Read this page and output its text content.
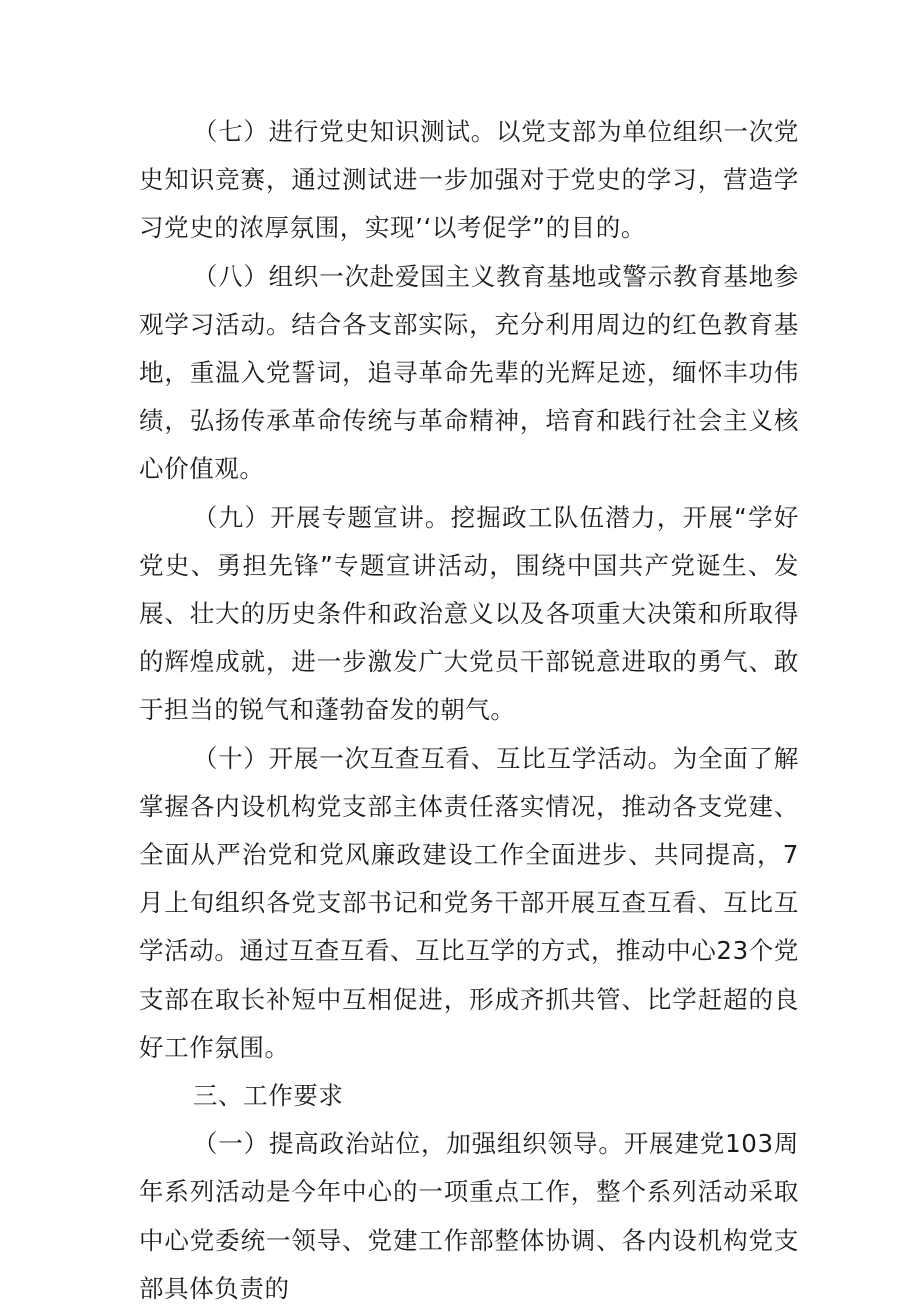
（七）进行党史知识测试。以党支部为单位组织一次党史知识竞赛，通过测试进一步加强对于党史的学习，营造学习党史的浓厚氛围，实现’‘以考促学”的目的。

（八）组织一次赴爱国主义教育基地或警示教育基地参观学习活动。结合各支部实际，充分利用周边的红色教育基地，重温入党誓词，追寻革命先辈的光辉足迹，缅怀丰功伟绩，弘扬传承革命传统与革命精神，培育和践行社会主义核心价值观。

（九）开展专题宣讲。挖掘政工队伍潜力，开展“学好党史、勇担先锋”专题宣讲活动，围绕中国共产党诞生、发展、壮大的历史条件和政治意义以及各项重大决策和所取得的辉煌成就，进一步激发广大党员干部锐意进取的勇气、敢于担当的锐气和蓬勃奋发的朝气。

（十）开展一次互查互看、互比互学活动。为全面了解掌握各内设机构党支部主体责任落实情况，推动各支党建、全面从严治党和党风廉政建设工作全面进步、共同提高，7月上旬组织各党支部书记和党务干部开展互查互看、互比互学活动。通过互查互看、互比互学的方式，推动中心23个党支部在取长补短中互相促进，形成齐抓共管、比学赶超的良好工作氛围。

三、工作要求

（一）提高政治站位，加强组织领导。开展建党103周年系列活动是今年中心的一项重点工作，整个系列活动采取中心党委统一领导、党建工作部整体协调、各内设机构党支部具体负责的
